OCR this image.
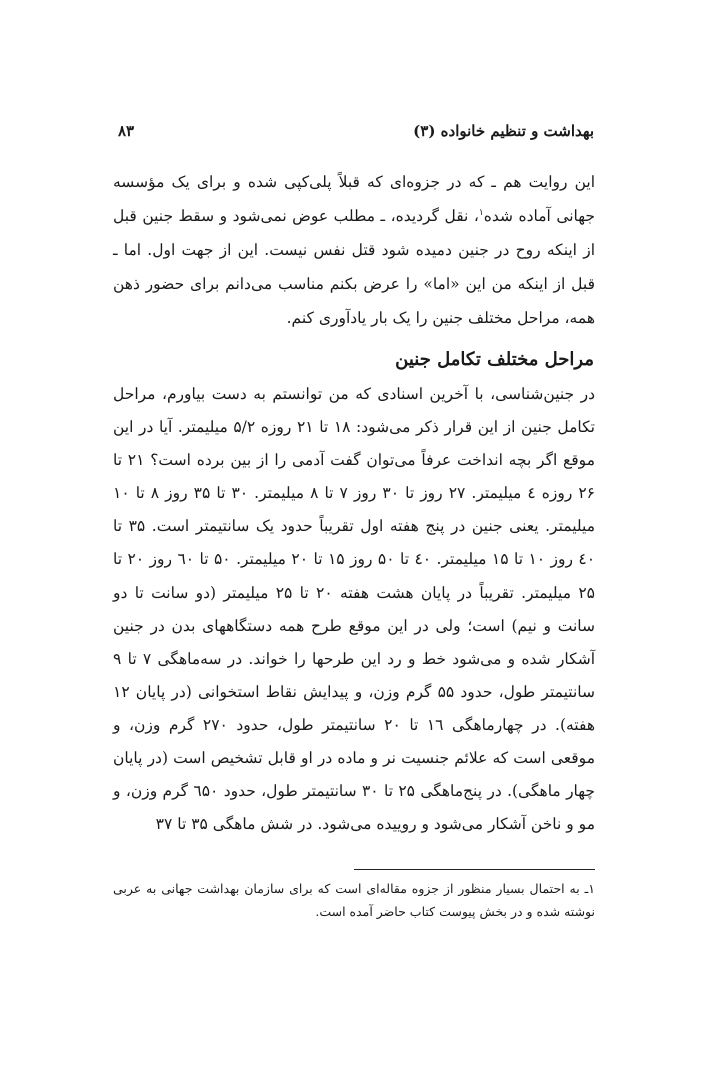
بهداشت و تنظیم خانواده (۳)
۸۳

این روایت هم ـ که در جزوه‌ای که قبلاً پلی‌کپی شده و برای یک مؤسسه جهانی آماده شده$^۱$، نقل گردیده، ـ مطلب عوض نمی‌شود و سقط جنین قبل از اینکه روح در جنین دمیده شود قتل نفس نیست. این از جهت اول. اما ـ قبل از اینکه من این «اما» را عرض بکنم مناسب می‌دانم برای حضور ذهن همه، مراحل مختلف جنین را یک بار یادآوری کنم.

مراحل مختلف تکامل جنین

در جنین‌شناسی، با آخرین اسنادی که من توانستم به دست بیاورم، مراحل تکامل جنین از این قرار ذکر می‌شود: ۱۸ تا ۲۱ روزه ۵/۲ میلیمتر. آیا در این موقع اگر بچه انداخت عرفاً می‌توان گفت آدمی را از بین برده است؟ ۲۱ تا ۲۶ روزه ٤ میلیمتر. ۲۷ روز تا ۳۰ روز ۷ تا ۸ میلیمتر. ۳۰ تا ۳۵ روز ۸ تا ۱۰ میلیمتر. یعنی جنین در پنج هفته اول تقریباً حدود یک سانتیمتر است. ۳۵ تا ٤۰ روز ۱۰ تا ۱۵ میلیمتر. ٤۰ تا ۵۰ روز ۱۵ تا ۲۰ میلیمتر. ۵۰ تا ٦۰ روز ۲۰ تا ۲۵ میلیمتر. تقریباً در پایان هشت هفته ۲۰ تا ۲۵ میلیمتر (دو سانت تا دو سانت و نیم) است؛ ولی در این موقع طرح همه دستگاههای بدن در جنین آشکار شده و می‌شود خط و رد این طرحها را خواند. در سه‌ماهگی ۷ تا ۹ سانتیمتر طول، حدود ۵۵ گرم وزن، و پیدایش نقاط استخوانی (در پایان ۱۲ هفته). در چهارماهگی ۱٦ تا ۲۰ سانتیمتر طول، حدود ۲۷۰ گرم وزن، و موقعی است که علائم جنسیت نر و ماده در او قابل تشخیص است (در پایان چهار ماهگی). در پنج‌ماهگی ۲۵ تا ۳۰ سانتیمتر طول، حدود ٦۵۰ گرم وزن، و مو و ناخن آشکار می‌شود و روییده می‌شود. در شش ماهگی ۳۵ تا ۳۷

۱ـ به احتمال بسیار منظور از جزوه مقاله‌ای است که برای سازمان بهداشت جهانی به عربی نوشته شده و در بخش پیوست کتاب حاضر آمده است.
